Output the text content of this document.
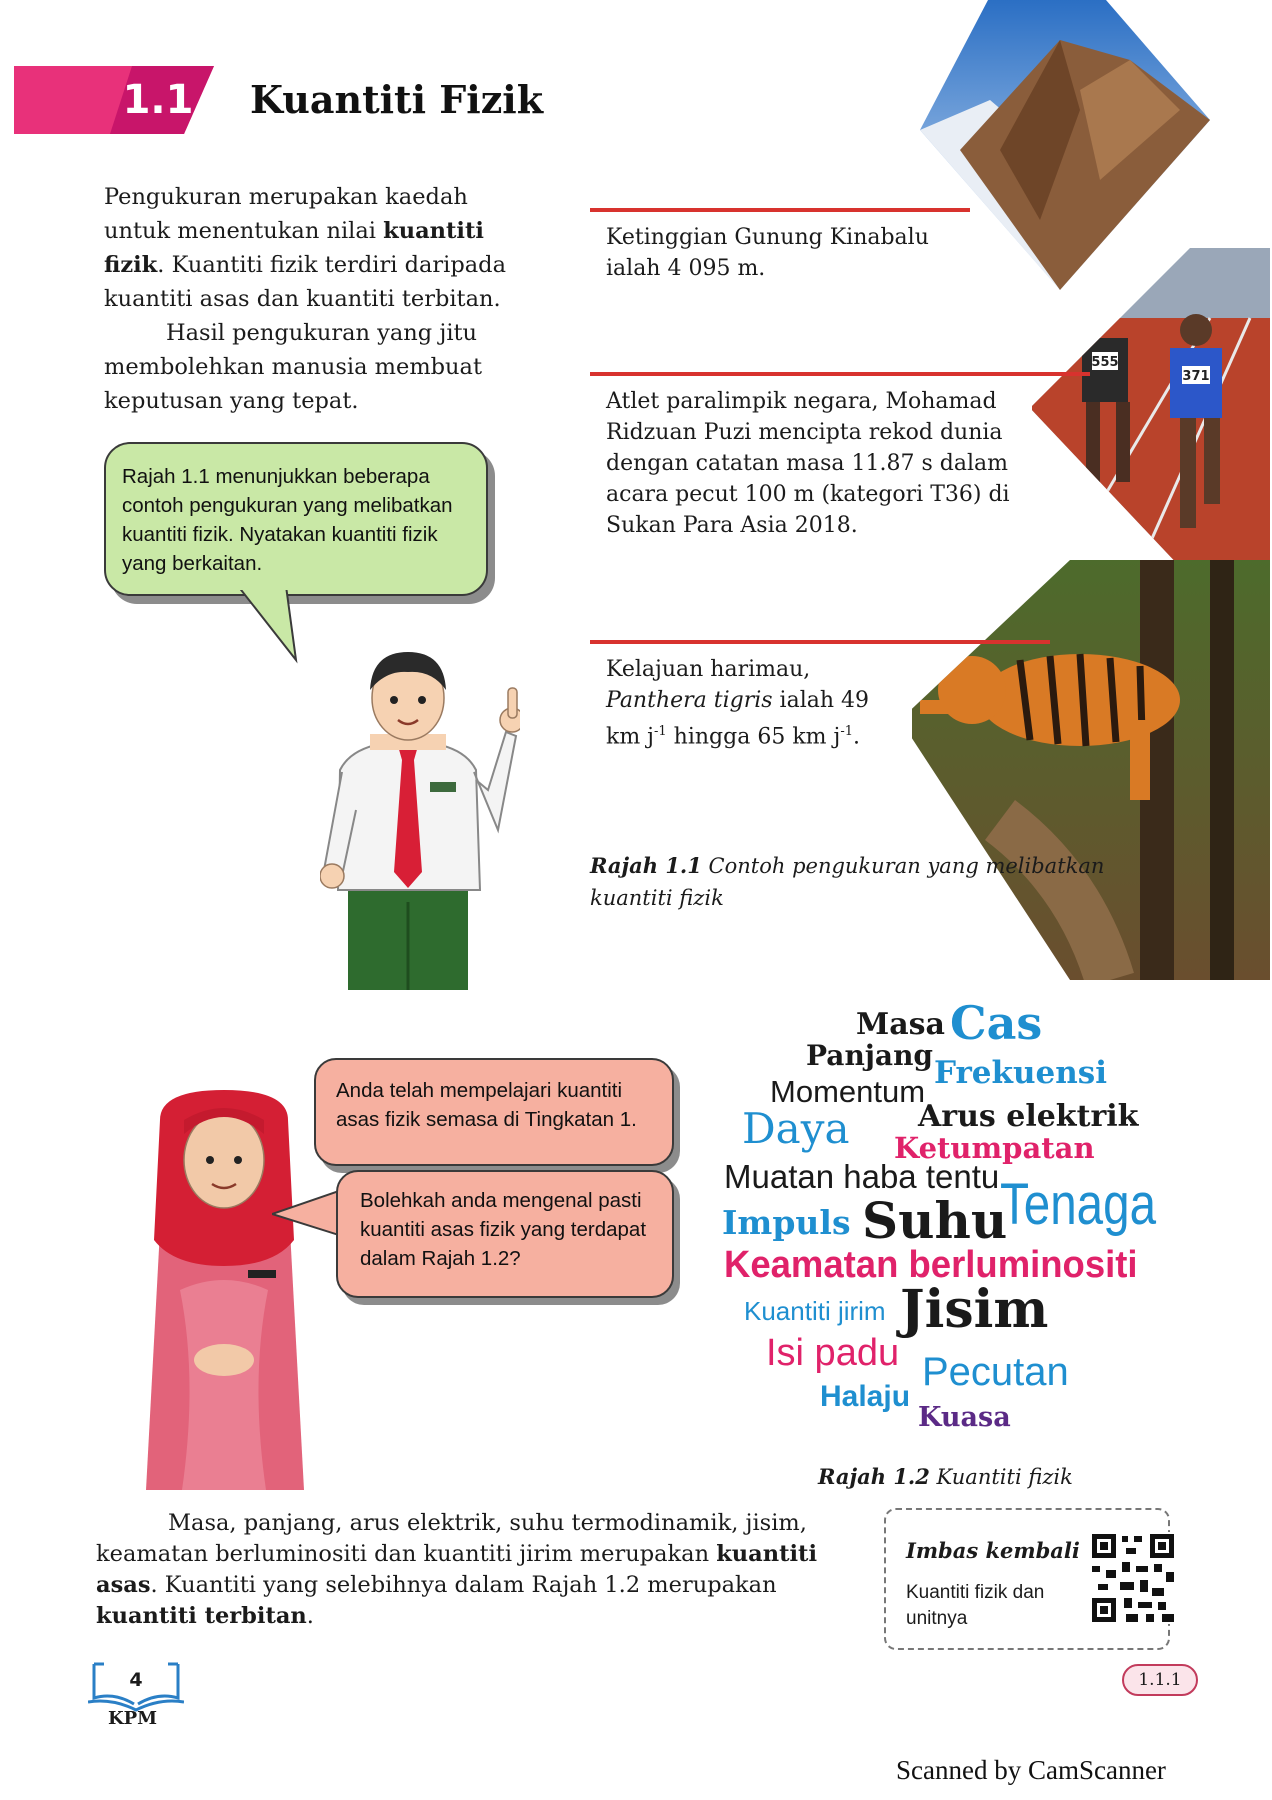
1.1 Kuantiti Fizik

Pengukuran merupakan kaedah untuk menentukan nilai kuantiti fizik. Kuantiti fizik terdiri daripada kuantiti asas dan kuantiti terbitan.

Hasil pengukuran yang jitu membolehkan manusia membuat keputusan yang tepat.

Rajah 1.1 menunjukkan beberapa contoh pengukuran yang melibatkan kuantiti fizik. Nyatakan kuantiti fizik yang berkaitan.
Ketinggian Gunung Kinabalu ialah 4 095 m.
555
371
Atlet paralimpik negara, Mohamad Ridzuan Puzi mencipta rekod dunia dengan catatan masa 11.87 s dalam acara pecut 100 m (kategori T36) di Sukan Para Asia 2018.
Kelajuan harimau, Panthera tigris ialah 49 km $j^{-1}$ hingga 65 km $j^{-1}$.
Rajah 1.1 Contoh pengukuran yang melibatkan kuantiti fizik
Anda telah mempelajari kuantiti asas fizik semasa di Tingkatan 1.
Bolehkah anda mengenal pasti kuantiti asas fizik yang terdapat dalam Rajah 1.2?
Masa Cas
Panjang Frekuensi
Momentum
Daya Arus elektrik
Ketumpatan
Muatan haba tentu Tenaga
Impuls Suhu
Keamatan berluminositi
Kuantiti jirim Jisim
Isi padu Pecutan
Halaju
Kuasa
Rajah 1.2 Kuantiti fizik
Masa, panjang, arus elektrik, suhu termodinamik, jisim, keamatan berluminositi dan kuantiti jirim merupakan kuantiti asas. Kuantiti yang selebihnya dalam Rajah 1.2 merupakan kuantiti terbitan.
Imbas kembali
Kuantiti fizik dan unitnya
1.1.1
4
KPM
Scanned by CamScanner
